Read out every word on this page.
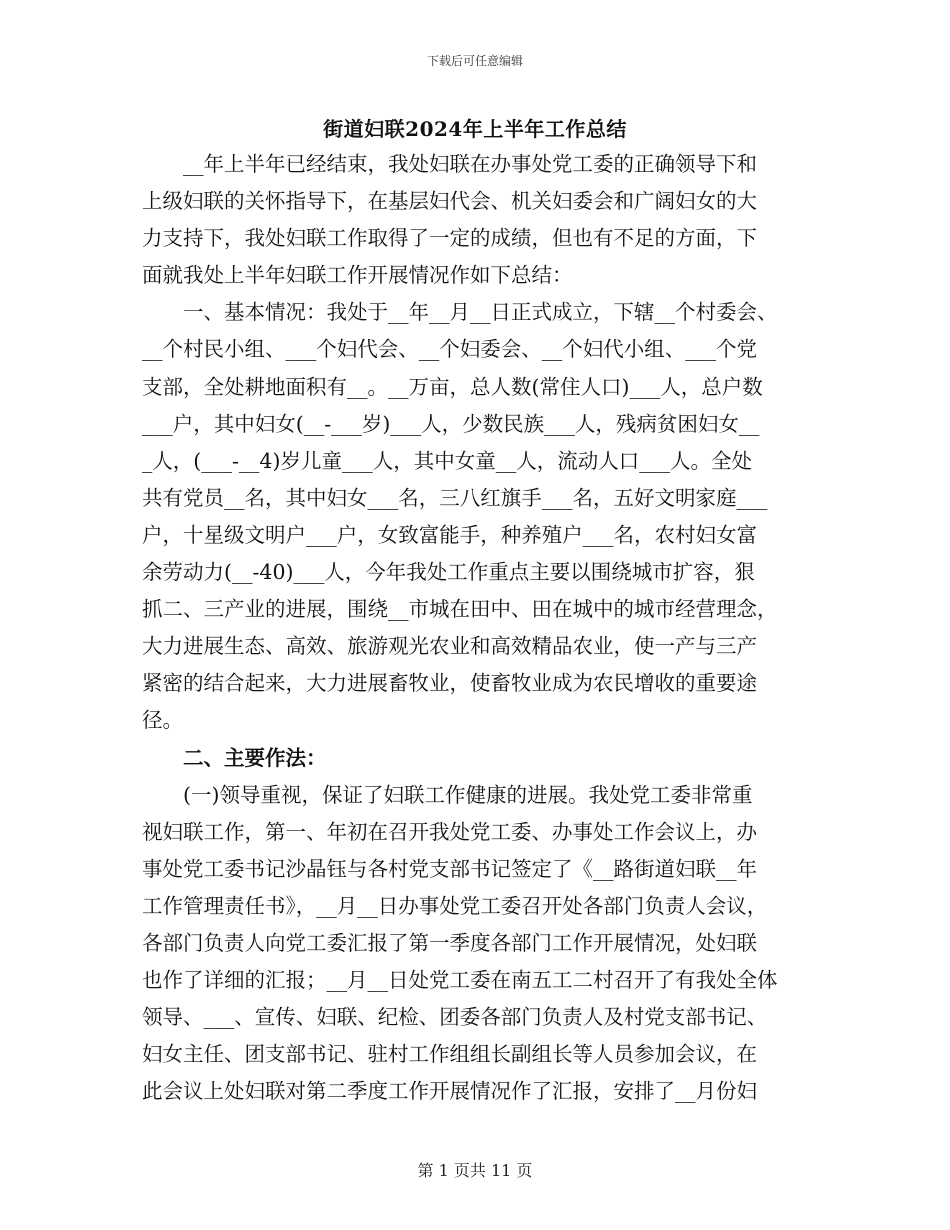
下载后可任意编辑
街道妇联2024年上半年工作总结
　　__年上半年已经结束，我处妇联在办事处党工委的正确领导下和
上级妇联的关怀指导下，在基层妇代会、机关妇委会和广阔妇女的大
力支持下，我处妇联工作取得了一定的成绩，但也有不足的方面，下
面就我处上半年妇联工作开展情况作如下总结：
　　一、基本情况：我处于__年__月__日正式成立，下辖__个村委会、
__个村民小组、___个妇代会、__个妇委会、__个妇代小组、___个党
支部，全处耕地面积有__。__万亩，总人数(常住人口)___人，总户数
___户，其中妇女(__-___岁)___人，少数民族___人，残病贫困妇女__
_人，(___-__4)岁儿童___人，其中女童__人，流动人口___人。全处
共有党员__名，其中妇女___名，三八红旗手___名，五好文明家庭___
户，十星级文明户___户，女致富能手，种养殖户___名，农村妇女富
余劳动力(__-40)___人，今年我处工作重点主要以围绕城市扩容，狠
抓二、三产业的进展，围绕__市城在田中、田在城中的城市经营理念，
大力进展生态、高效、旅游观光农业和高效精品农业，使一产与三产
紧密的结合起来，大力进展畜牧业，使畜牧业成为农民增收的重要途
径。
　　二、主要作法：
　　(一)领导重视，保证了妇联工作健康的进展。我处党工委非常重
视妇联工作，第一、年初在召开我处党工委、办事处工作会议上，办
事处党工委书记沙晶钰与各村党支部书记签定了《__路街道妇联__年
工作管理责任书》，__月__日办事处党工委召开处各部门负责人会议，
各部门负责人向党工委汇报了第一季度各部门工作开展情况，处妇联
也作了详细的汇报；__月__日处党工委在南五工二村召开了有我处全体
领导、___、宣传、妇联、纪检、团委各部门负责人及村党支部书记、
妇女主任、团支部书记、驻村工作组组长副组长等人员参加会议，在
此会议上处妇联对第二季度工作开展情况作了汇报，安排了__月份妇
第 1 页共 11 页
